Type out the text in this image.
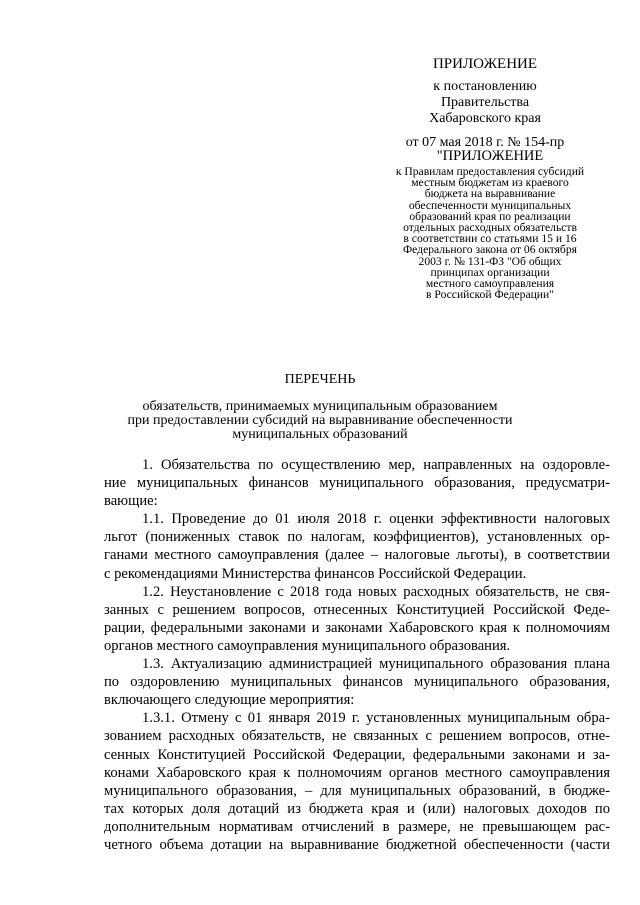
ПРИЛОЖЕНИЕ
к постановлению
Правительства
Хабаровского края
от 07 мая 2018 г. № 154-пр
"ПРИЛОЖЕНИЕ
к Правилам предоставления субсидий
местным бюджетам из краевого
бюджета на выравнивание
обеспеченности муниципальных
образований края по реализации
отдельных расходных обязательств
в соответствии со статьями 15 и 16
Федерального закона от 06 октября
2003 г. № 131-ФЗ "Об общих
принципах организации
местного самоуправления
в Российской Федерации"
ПЕРЕЧЕНЬ
обязательств, принимаемых муниципальным образованием
при предоставлении субсидий на выравнивание обеспеченности
муниципальных образований
1. Обязательства по осуществлению мер, направленных на оздоровле-
ние муниципальных финансов муниципального образования, предусматри-
вающие:
1.1. Проведение до 01 июля 2018 г. оценки эффективности налоговых
льгот (пониженных ставок по налогам, коэффициентов), установленных ор-
ганами местного самоуправления (далее – налоговые льготы), в соответствии
с рекомендациями Министерства финансов Российской Федерации.
1.2. Неустановление с 2018 года новых расходных обязательств, не свя-
занных с решением вопросов, отнесенных Конституцией Российской Феде-
рации, федеральными законами и законами Хабаровского края к полномочиям
органов местного самоуправления муниципального образования.
1.3. Актуализацию администрацией муниципального образования плана
по оздоровлению муниципальных финансов муниципального образования,
включающего следующие мероприятия:
1.3.1. Отмену с 01 января 2019 г. установленных муниципальным обра-
зованием расходных обязательств, не связанных с решением вопросов, отне-
сенных Конституцией Российской Федерации, федеральными законами и за-
конами Хабаровского края к полномочиям органов местного самоуправления
муниципального образования, – для муниципальных образований, в бюдже-
тах которых доля дотаций из бюджета края и (или) налоговых доходов по
дополнительным нормативам отчислений в размере, не превышающем рас-
четного объема дотации на выравнивание бюджетной обеспеченности (части
